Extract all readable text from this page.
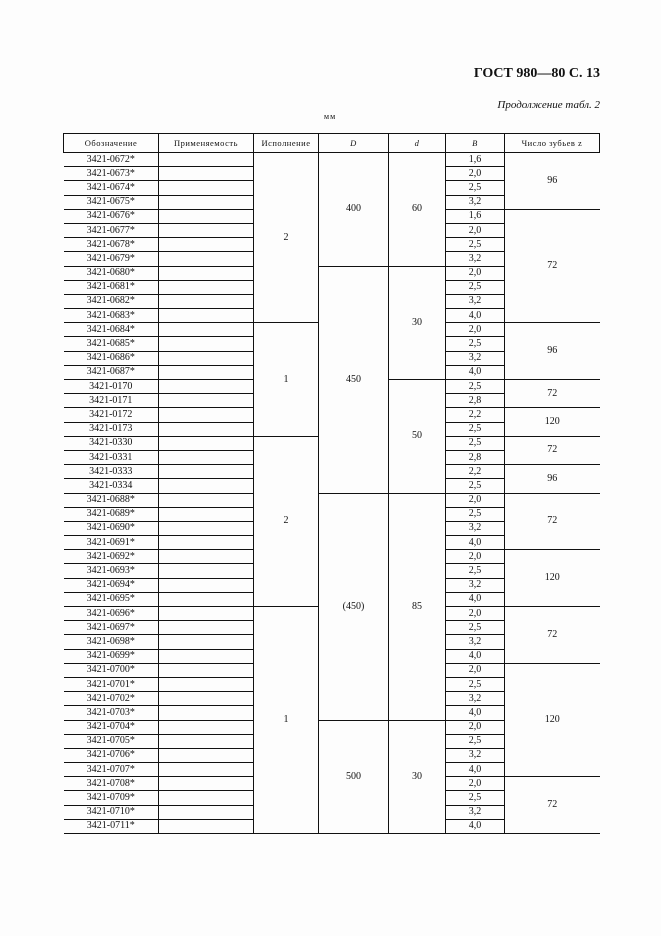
ГОСТ 980—80 С. 13
Продолжение табл. 2
мм
Обозначение	Применяемость	Исполнение	D	d	B	Число зубьев z
3421-0672*		2	400	60	1,6	96
3421-0673*					2,0	
3421-0674*					2,5	
3421-0675*					3,2	
3421-0676*					1,6	72
3421-0677*					2,0	
3421-0678*					2,5	
3421-0679*					3,2	
3421-0680*			450	30	2,0	
3421-0681*					2,5	
3421-0682*					3,2	
3421-0683*					4,0	
3421-0684*		1			2,0	96
3421-0685*					2,5	
3421-0686*					3,2	
3421-0687*					4,0	
3421-0170				50	2,5	72
3421-0171					2,8	
3421-0172					2,2	120
3421-0173					2,5	
3421-0330		2			2,5	72
3421-0331					2,8	
3421-0333					2,2	96
3421-0334					2,5	
3421-0688*			(450)	85	2,0	72
3421-0689*					2,5	
3421-0690*					3,2	
3421-0691*					4,0	
3421-0692*					2,0	120
3421-0693*					2,5	
3421-0694*					3,2	
3421-0695*					4,0	
3421-0696*		1			2,0	72
3421-0697*					2,5	
3421-0698*					3,2	
3421-0699*					4,0	
3421-0700*					2,0	120
3421-0701*					2,5	
3421-0702*					3,2	
3421-0703*					4,0	
3421-0704*			500	30	2,0	
3421-0705*					2,5	
3421-0706*					3,2	
3421-0707*					4,0	
3421-0708*					2,0	72
3421-0709*					2,5	
3421-0710*					3,2	
3421-0711*					4,0	
